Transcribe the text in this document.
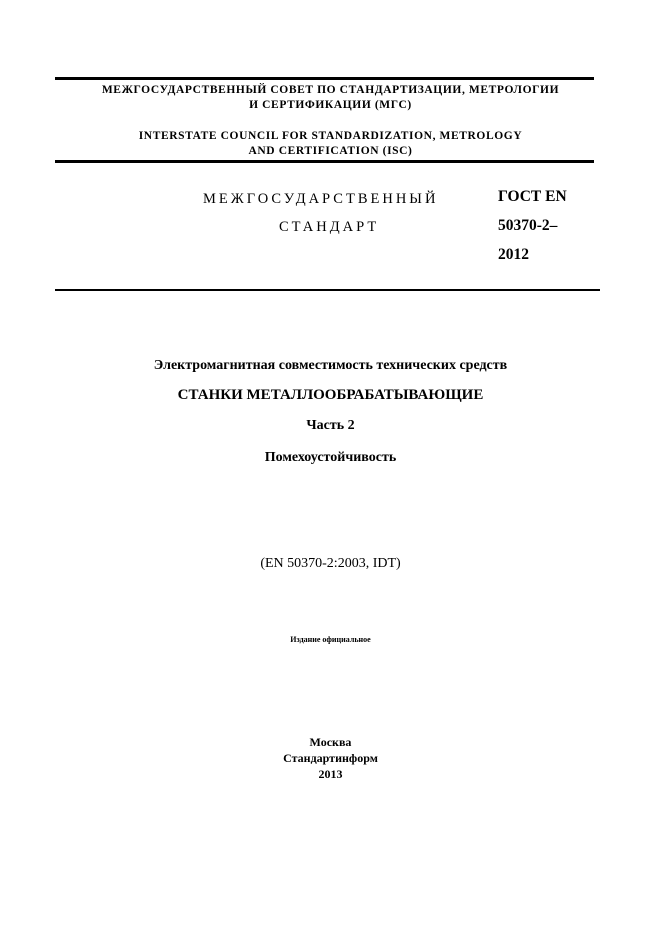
МЕЖГОСУДАРСТВЕННЫЙ СОВЕТ ПО СТАНДАРТИЗАЦИИ, МЕТРОЛОГИИ
И СЕРТИФИКАЦИИ (МГС)
INTERSTATE COUNCIL FOR STANDARDIZATION, METROLOGY
AND CERTIFICATION (ISC)
МЕЖГОСУДАРСТВЕННЫЙ
СТАНДАРТ
ГОСТ EN
50370-2–
2012
Электромагнитная совместимость технических средств
СТАНКИ МЕТАЛЛООБРАБАТЫВАЮЩИЕ
Часть 2
Помехоустойчивость
(EN 50370-2:2003, IDT)
Издание официальное
Москва
Стандартинформ
2013
